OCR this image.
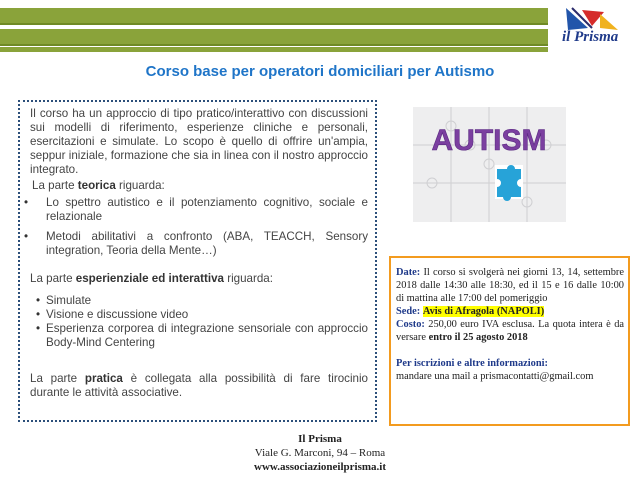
il Prisma
Corso base per operatori domiciliari per Autismo

Il corso ha un approccio di tipo pratico/interattivo con discussioni sui modelli di riferimento, esperienze cliniche e personali, esercitazioni e simulate. Lo scopo è quello di offrire un'ampia, seppur iniziale, formazione che sia in linea con il nostro approccio integrato.

La parte teorica riguarda:

• Lo spettro autistico e il potenziamento cognitivo, sociale e relazionale
• Metodi abilitativi a confronto (ABA, TEACCH, Sensory integration, Teoria della Mente…)

La parte esperienziale ed interattiva riguarda:

• Simulate
• Visione e discussione video
• Esperienza corporea di integrazione sensoriale con approccio Body-Mind Centering

La parte pratica è collegata alla possibilità di fare tirocinio durante le attività associative.

AUTISM

Date: Il corso si svolgerà nei giorni 13, 14, settembre 2018 dalle 14:30 alle 18:30, ed il 15 e 16 dalle 10:00 di mattina alle 17:00 del pomeriggio

Sede: Avis di Afragola (NAPOLI)

Costo: 250,00 euro IVA esclusa. La quota intera è da versare entro il 25 agosto 2018

Per iscrizioni e altre informazioni:

mandare una mail a prismacontatti@gmail.com

Il Prisma
Viale G. Marconi, 94 – Roma
www.associazioneilprisma.it
